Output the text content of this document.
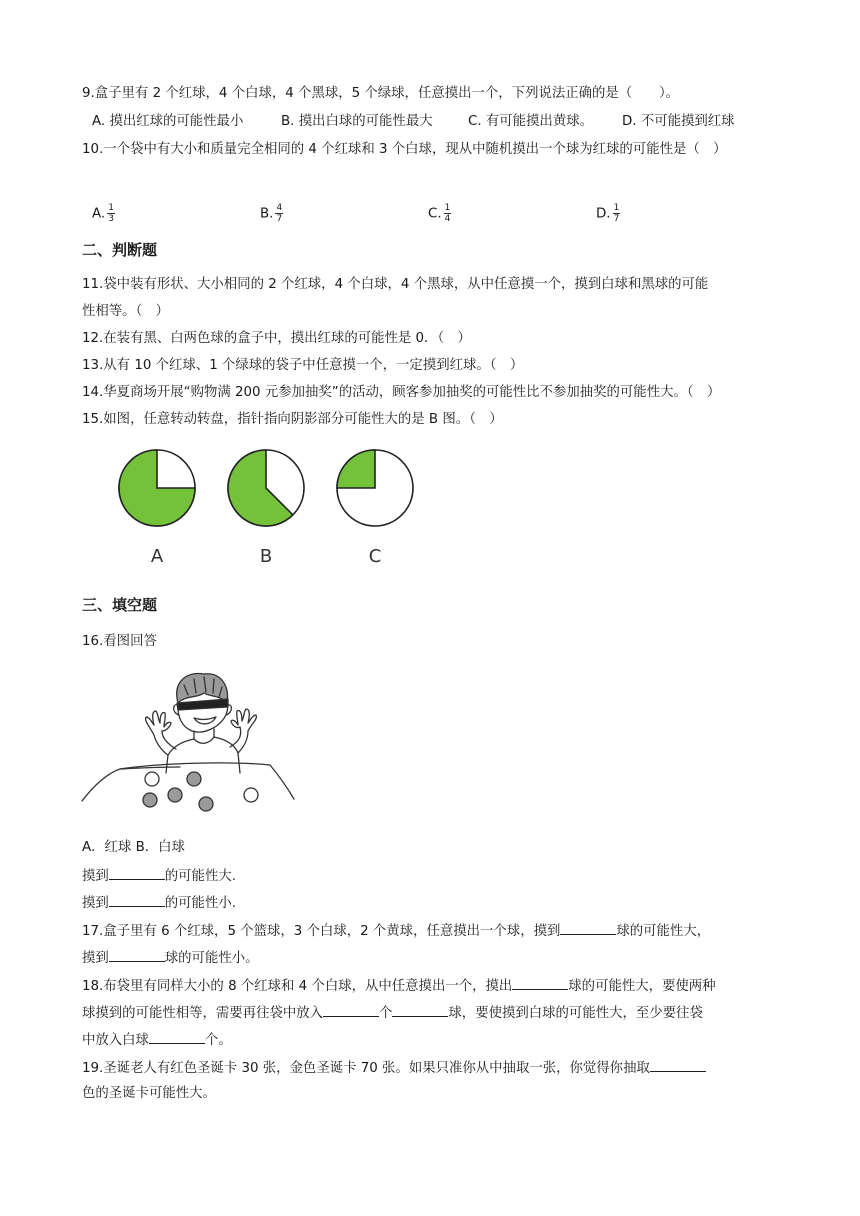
9.盒子里有 2 个红球，4 个白球，4 个黑球，5 个绿球，任意摸出一个，下列说法正确的是（　　）。
A. 摸出红球的可能性最小	B. 摸出白球的可能性最大	C. 有可能摸出黄球。 D. 不可能摸到红球
10.一个袋中有大小和质量完全相同的 4 个红球和 3 个白球，现从中随机摸出一个球为红球的可能性是（　）
A. $\frac{1}{3}$	B. $\frac{4}{7}$	C. $\frac{1}{4}$	D. $\frac{1}{7}$
二、判断题
11.袋中装有形状、大小相同的 2 个红球，4 个白球，4 个黑球，从中任意摸一个，摸到白球和黑球的可能
性相等。（　）
12.在装有黑、白两色球的盒子中，摸出红球的可能性是 0．（　）
13.从有 10 个红球、1 个绿球的袋子中任意摸一个，一定摸到红球。（　）
14.华夏商场开展“购物满 200 元参加抽奖”的活动，顾客参加抽奖的可能性比不参加抽奖的可能性大。（　）
15.如图，任意转动转盘，指针指向阴影部分可能性大的是 B 图。（　）
A	B	C
三、填空题
16.看图回答
A．红球 B．白球
摸到	的可能性大.
摸到	的可能性小.
17.盒子里有 6 个红球，5 个篮球，3 个白球，2 个黄球，任意摸出一个球，摸到	球的可能性大，
摸到	球的可能性小。
18.布袋里有同样大小的 8 个红球和 4 个白球，从中任意摸出一个，摸出	球的可能性大，要使两种
球摸到的可能性相等，需要再往袋中放入	个	球，要使摸到白球的可能性大，至少要往袋
中放入白球	个。
19.圣诞老人有红色圣诞卡 30 张，金色圣诞卡 70 张。如果只准你从中抽取一张，你觉得你抽取
色的圣诞卡可能性大。
